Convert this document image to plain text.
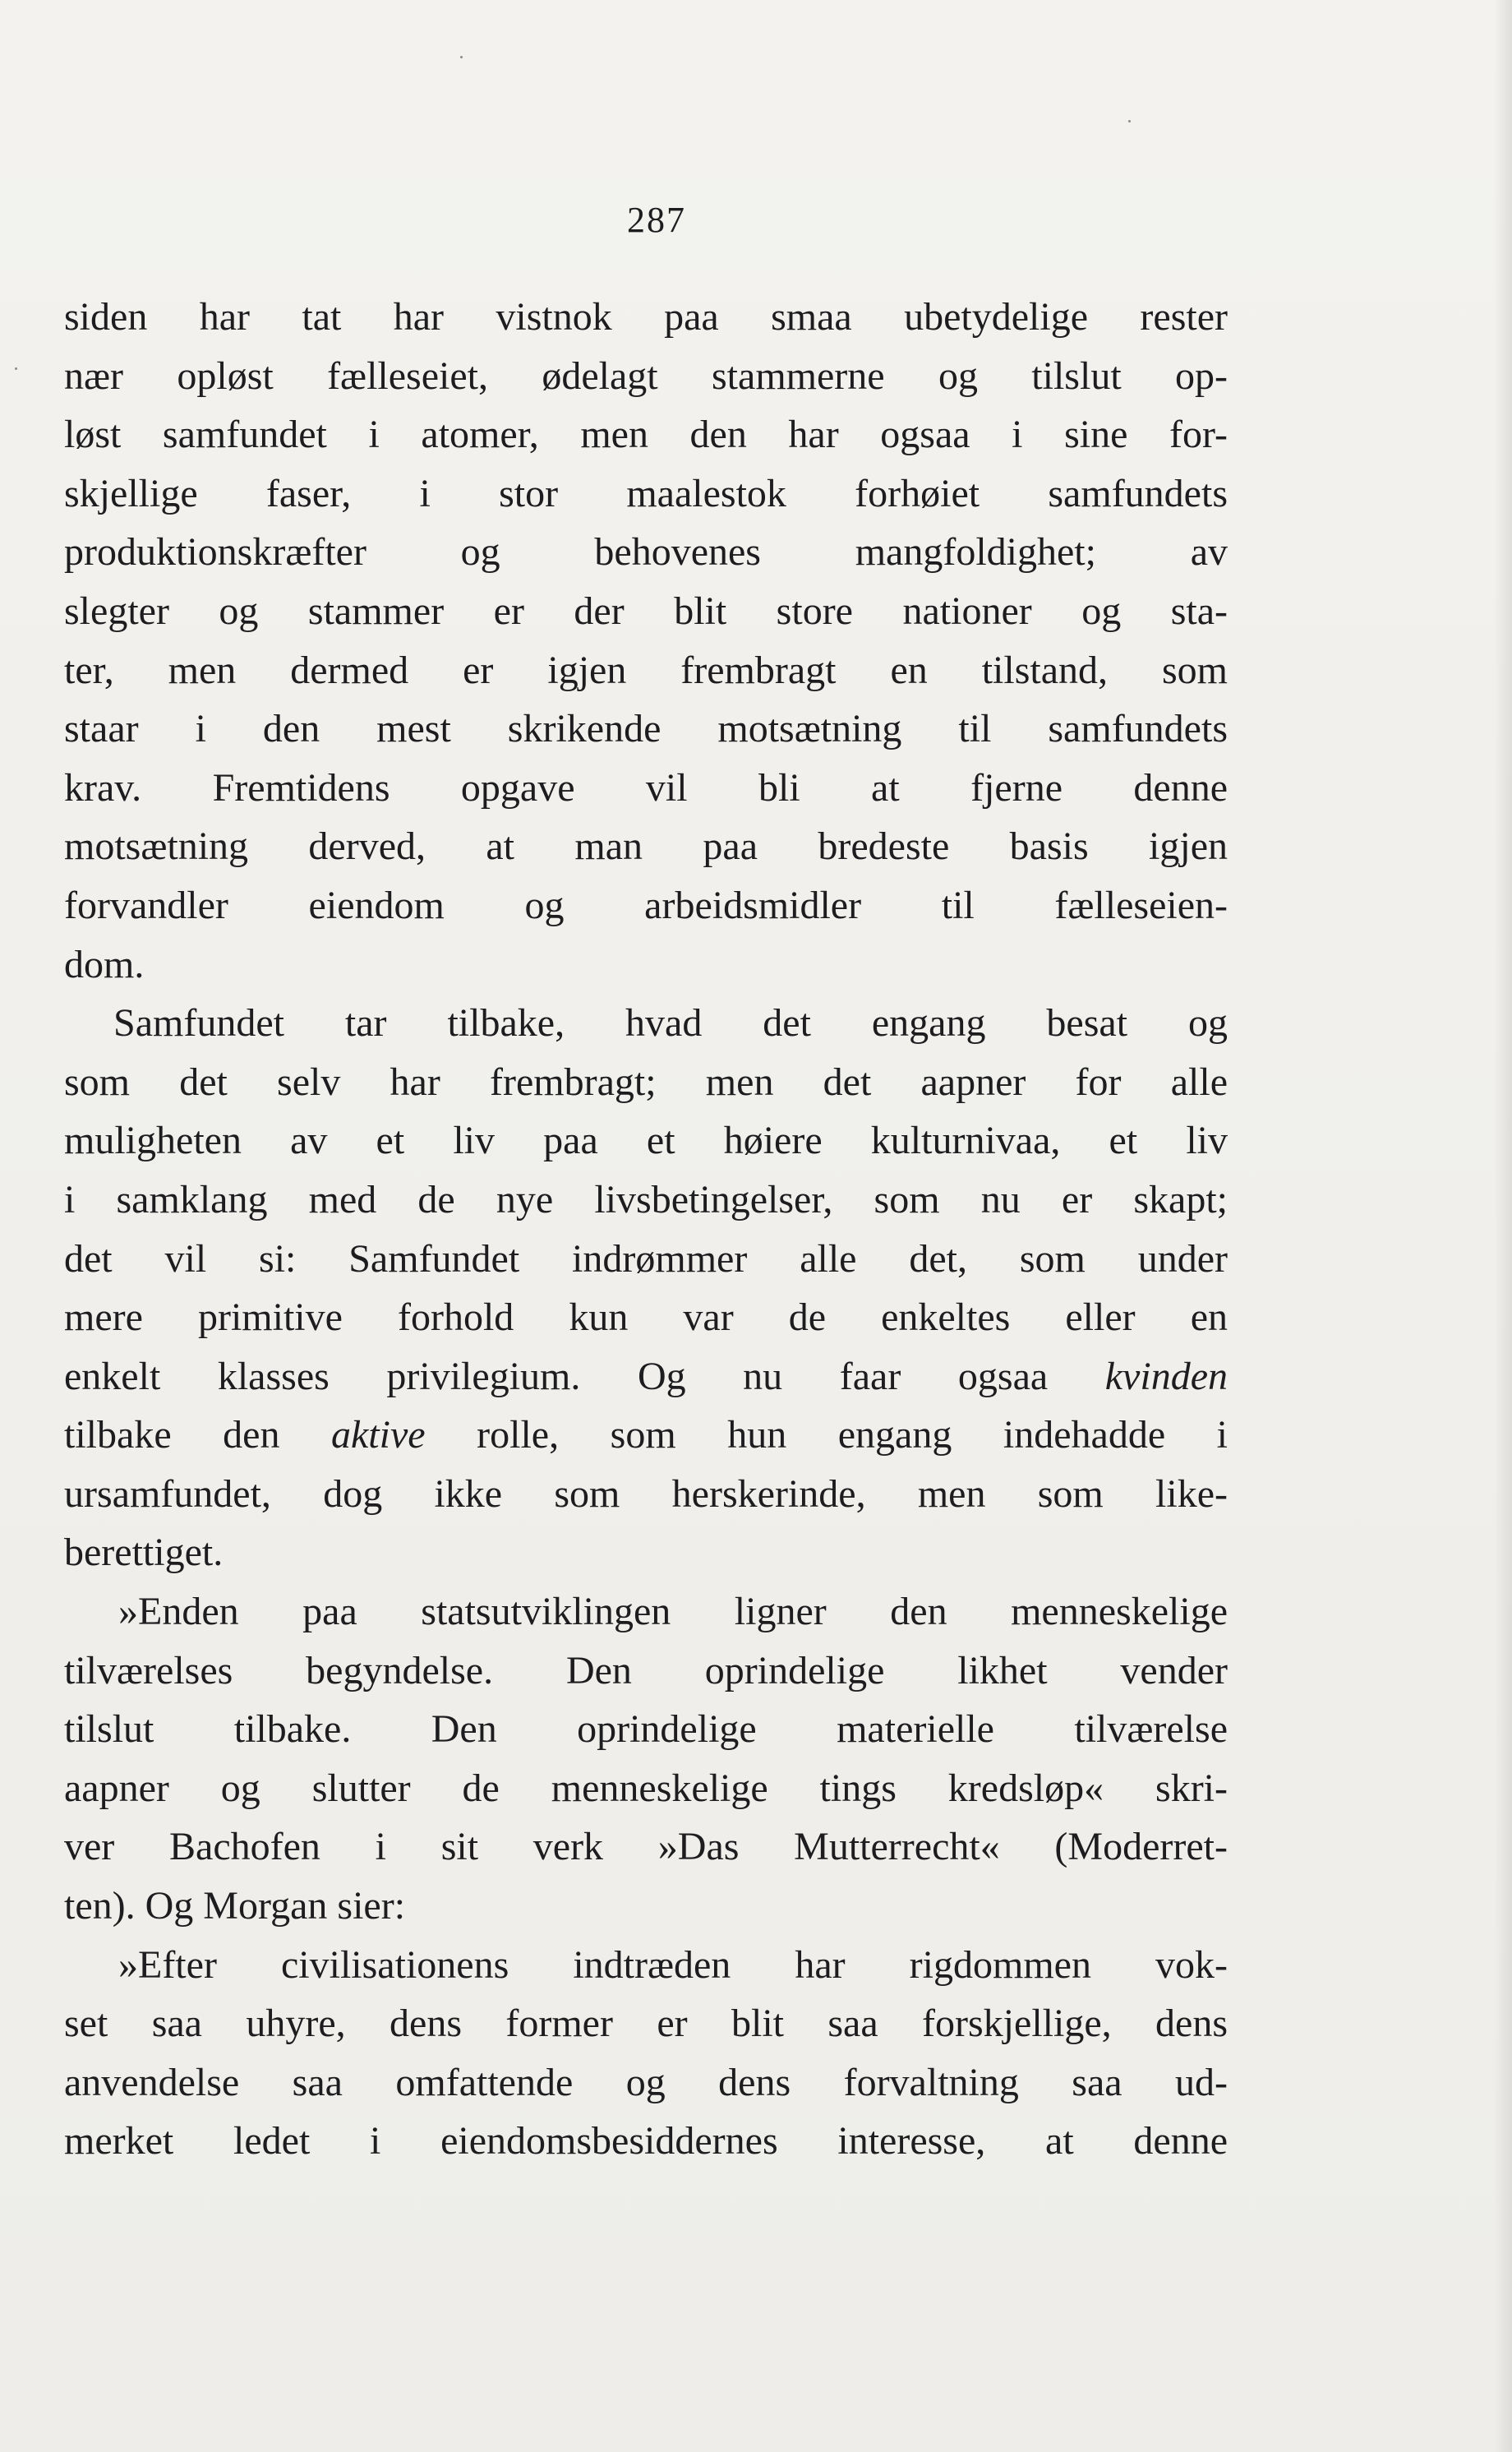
287
siden har tat har vistnok paa smaa ubetydelige rester
nær opløst fælleseiet, ødelagt stammerne og tilslut op-
løst samfundet i atomer, men den har ogsaa i sine for-
skjellige faser, i stor maalestok forhøiet samfundets
produktionskræfter og behovenes mangfoldighet; av
slegter og stammer er der blit store nationer og sta-
ter, men dermed er igjen frembragt en tilstand, som
staar i den mest skrikende motsætning til samfundets
krav. Fremtidens opgave vil bli at fjerne denne
motsætning derved, at man paa bredeste basis igjen
forvandler eiendom og arbeidsmidler til fælleseien-
dom.
Samfundet tar tilbake, hvad det engang besat og
som det selv har frembragt; men det aapner for alle
muligheten av et liv paa et høiere kulturnivaa, et liv
i samklang med de nye livsbetingelser, som nu er skapt;
det vil si: Samfundet indrømmer alle det, som under
mere primitive forhold kun var de enkeltes eller en
enkelt klasses privilegium. Og nu faar ogsaa kvinden
tilbake den aktive rolle, som hun engang indehadde i
ursamfundet, dog ikke som herskerinde, men som like-
berettiget.
»Enden paa statsutviklingen ligner den menneskelige
tilværelses begyndelse. Den oprindelige likhet vender
tilslut tilbake. Den oprindelige materielle tilværelse
aapner og slutter de menneskelige tings kredsløp« skri-
ver Bachofen i sit verk »Das Mutterrecht« (Moderret-
ten). Og Morgan sier:
»Efter civilisationens indtræden har rigdommen vok-
set saa uhyre, dens former er blit saa forskjellige, dens
anvendelse saa omfattende og dens forvaltning saa ud-
merket ledet i eiendomsbesiddernes interesse, at denne
